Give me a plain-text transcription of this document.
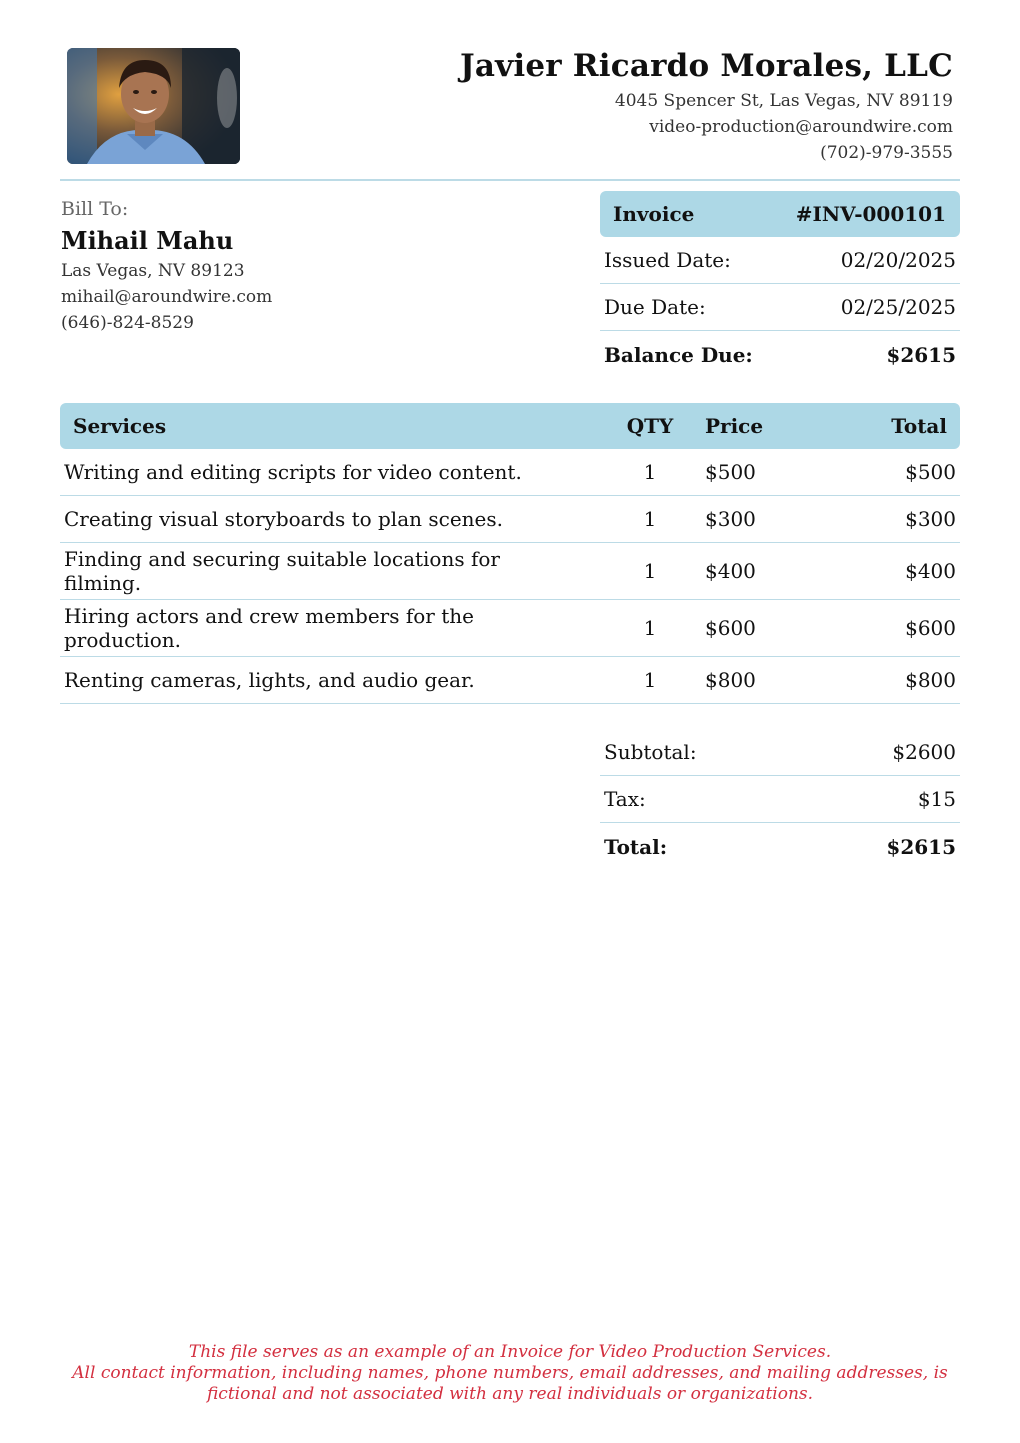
Javier Ricardo Morales, LLC
4045 Spencer St, Las Vegas, NV 89119
video-production@aroundwire.com
(702)-979-3555
Bill To:
Mihail Mahu
Las Vegas, NV 89123
mihail@aroundwire.com
(646)-824-8529
Invoice	#INV-000101
Issued Date:	02/20/2025
Due Date:	02/25/2025
Balance Due:	$2615
Services	QTY	Price	Total
Writing and editing scripts for video content.	1	$500	$500
Creating visual storyboards to plan scenes.	1	$300	$300
Finding and securing suitable locations for filming.	1	$400	$400
Hiring actors and crew members for the production.	1	$600	$600
Renting cameras, lights, and audio gear.	1	$800	$800
Subtotal:	$2600
Tax:	$15
Total:	$2615
This file serves as an example of an Invoice for Video Production Services.
All contact information, including names, phone numbers, email addresses, and mailing addresses, is
fictional and not associated with any real individuals or organizations.
